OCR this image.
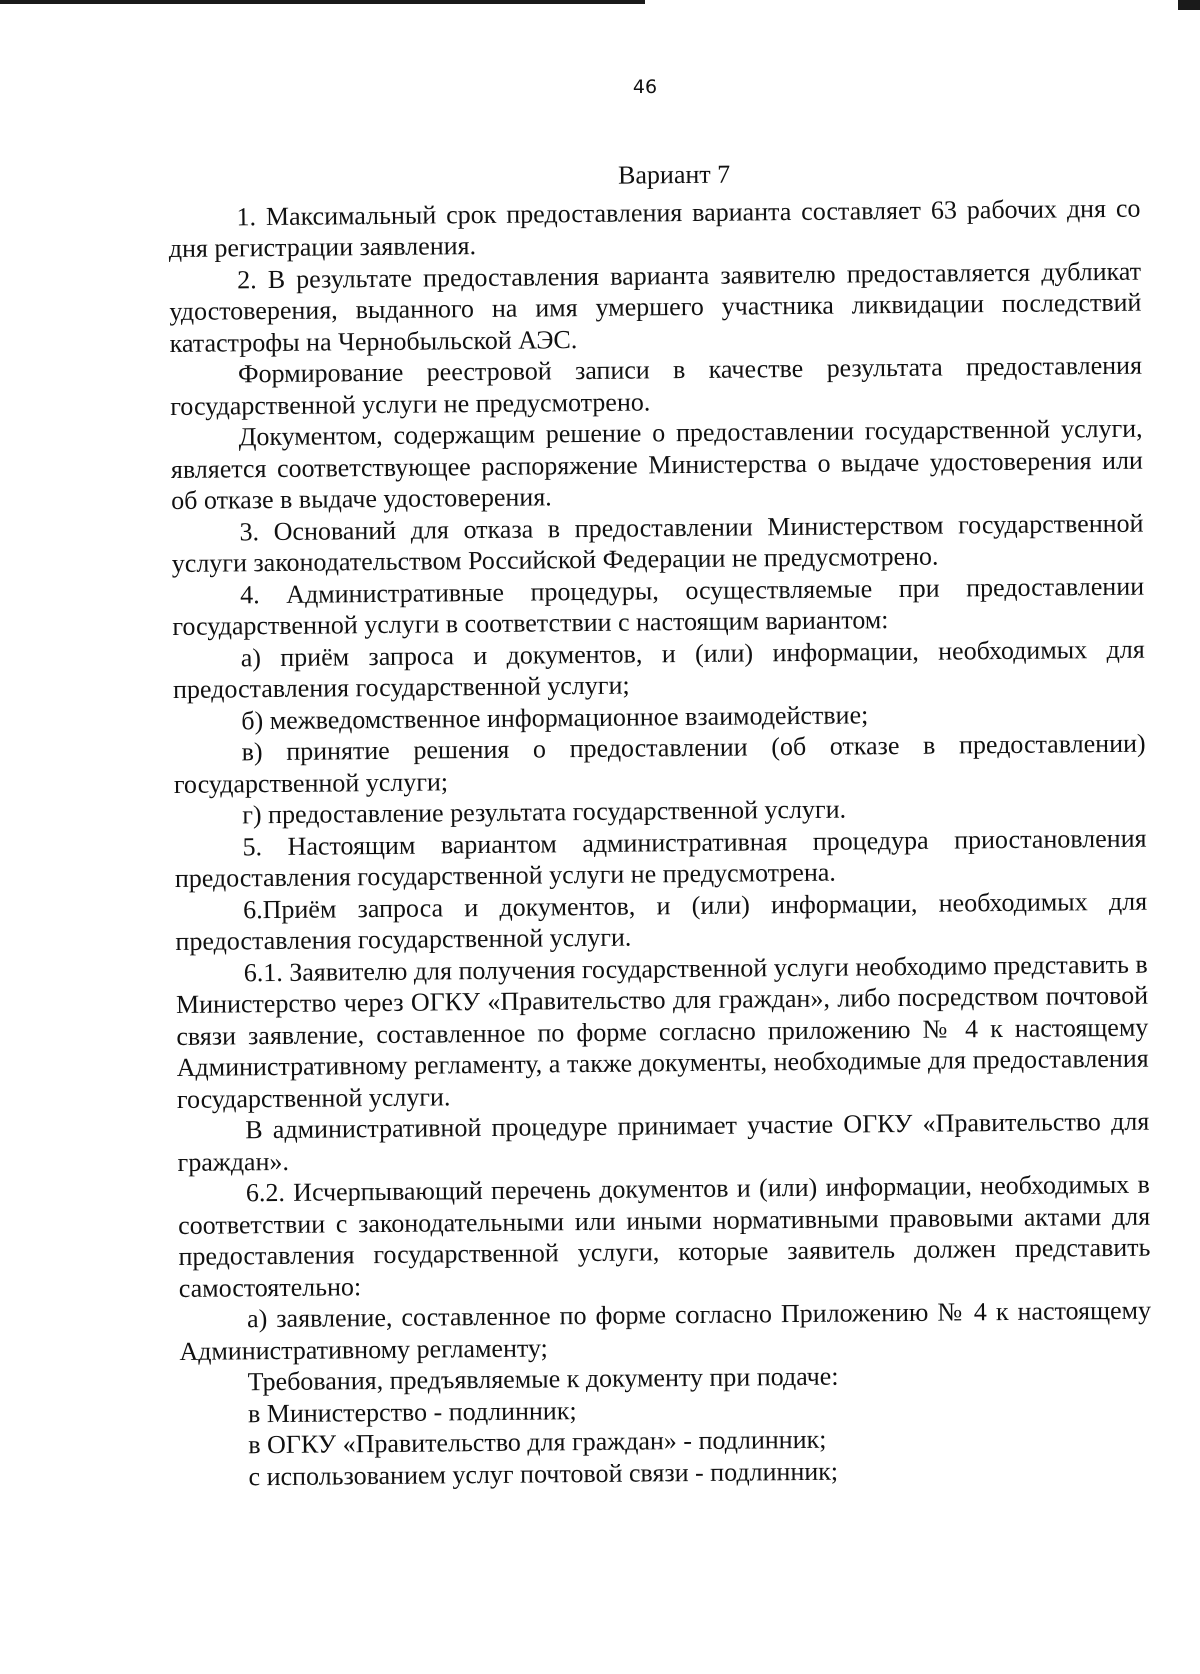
46

Вариант 7

1. Максимальный срок предоставления варианта составляет 63 рабочих дня со дня регистрации заявления.

2. В результате предоставления варианта заявителю предоставляется дубликат удостоверения, выданного на имя умершего участника ликвидации последствий катастрофы на Чернобыльской АЭС.

Формирование реестровой записи в качестве результата предоставления государственной услуги не предусмотрено.

Документом, содержащим решение о предоставлении государственной услуги, является соответствующее распоряжение Министерства о выдаче удостоверения или об отказе в выдаче удостоверения.

3. Оснований для отказа в предоставлении Министерством государственной услуги законодательством Российской Федерации не предусмотрено.

4. Административные процедуры, осуществляемые при предоставлении государственной услуги в соответствии с настоящим вариантом:

а) приём запроса и документов, и (или) информации, необходимых для предоставления государственной услуги;

б) межведомственное информационное взаимодействие;

в) принятие решения о предоставлении (об отказе в предоставлении) государственной услуги;

г) предоставление результата государственной услуги.

5. Настоящим вариантом административная процедура приостановления предоставления государственной услуги не предусмотрена.

6.Приём запроса и документов, и (или) информации, необходимых для предоставления государственной услуги.

6.1. Заявителю для получения государственной услуги необходимо представить в Министерство через ОГКУ «Правительство для граждан», либо посредством почтовой связи заявление, составленное по форме согласно приложению № 4 к настоящему Административному регламенту, а также документы, необходимые для предоставления государственной услуги.

В административной процедуре принимает участие ОГКУ «Правительство для граждан».

6.2. Исчерпывающий перечень документов и (или) информации, необходимых в соответствии с законодательными или иными нормативными правовыми актами для предоставления государственной услуги, которые заявитель должен представить самостоятельно:

а) заявление, составленное по форме согласно Приложению № 4 к настоящему Административному регламенту;

Требования, предъявляемые к документу при подаче:

в Министерство - подлинник;

в ОГКУ «Правительство для граждан» - подлинник;

с использованием услуг почтовой связи - подлинник;
